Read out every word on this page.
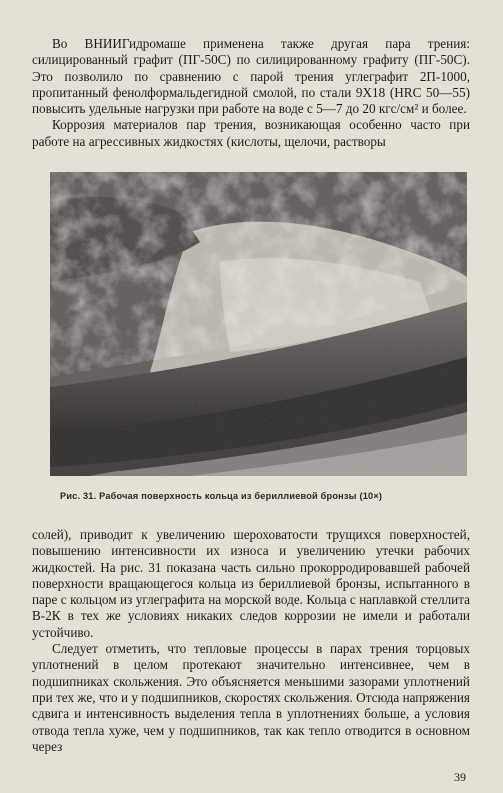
Во ВНИИГидромаше применена также другая пара трения: силицированный графит (ПГ-50С) по силицированному графиту (ПГ-50С). Это позволило по сравнению с парой трения углеграфит 2П-1000, пропитанный фенолформальдегидной смолой, по стали 9Х18 (HRC 50—55) повысить удельные нагрузки при работе на воде с 5—7 до 20 кгс/см² и более.

Коррозия материалов пар трения, возникающая особенно часто при работе на агрессивных жидкостях (кислоты, щелочи, растворы

Рис. 31. Рабочая поверхность кольца из бериллиевой бронзы (10×)

солей), приводит к увеличению шероховатости трущихся поверхностей, повышению интенсивности их износа и увеличению утечки рабочих жидкостей. На рис. 31 показана часть сильно прокорродировавшей рабочей поверхности вращающегося кольца из бериллиевой бронзы, испытанного в паре с кольцом из углеграфита на морской воде. Кольца с наплавкой стеллита В-2К в тех же условиях никаких следов коррозии не имели и работали устойчиво.

Следует отметить, что тепловые процессы в парах трения торцовых уплотнений в целом протекают значительно интенсивнее, чем в подшипниках скольжения. Это объясняется меньшими зазорами уплотнений при тех же, что и у подшипников, скоростях скольжения. Отсюда напряжения сдвига и интенсивность выделения тепла в уплотнениях больше, а условия отвода тепла хуже, чем у подшипников, так как тепло отводится в основном через

39
